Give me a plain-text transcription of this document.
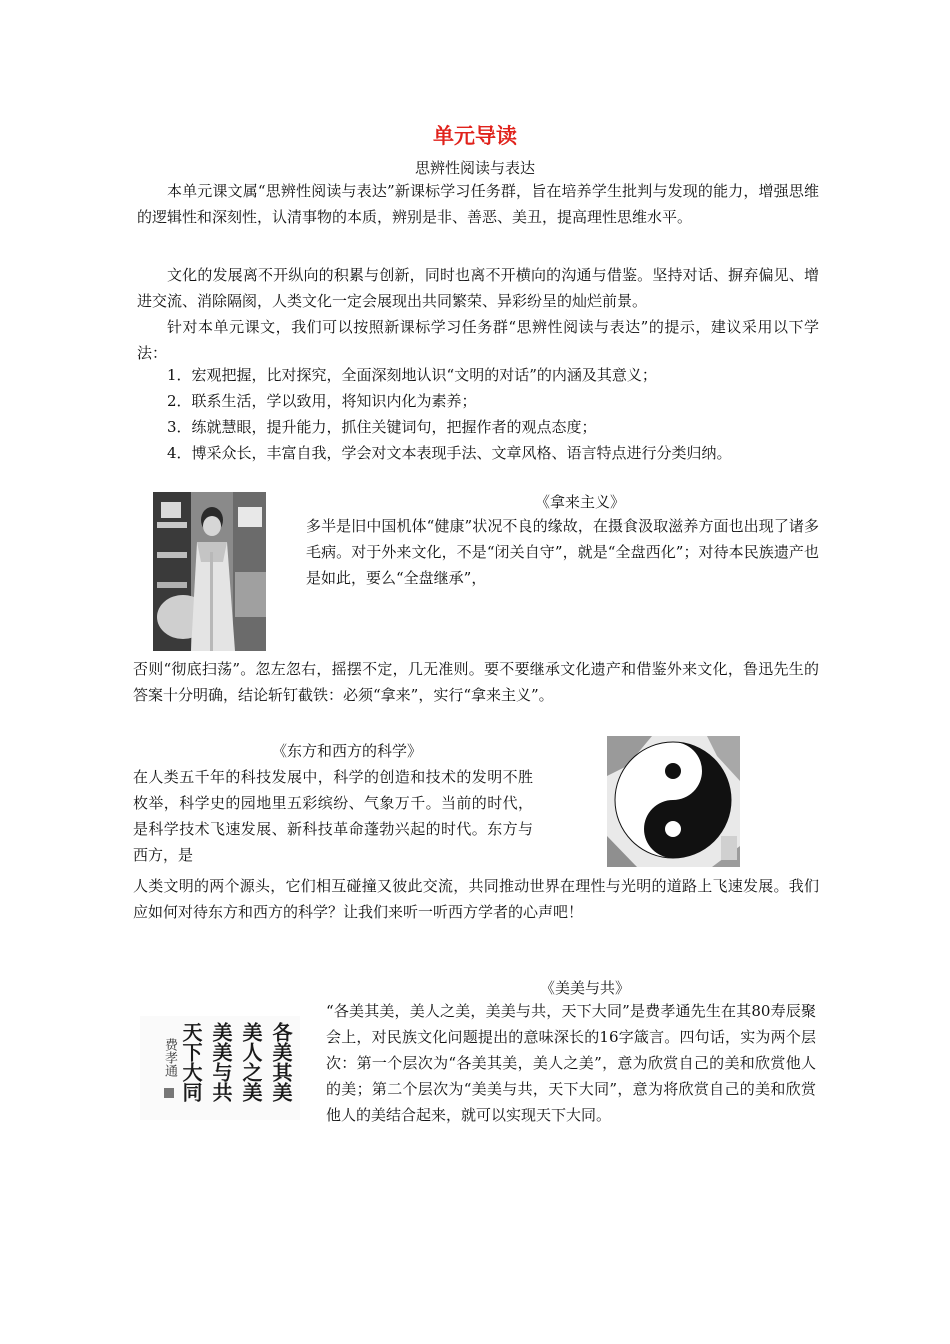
单元导读
思辨性阅读与表达

本单元课文属“思辨性阅读与表达”新课标学习任务群，旨在培养学生批判与发现的能力，增强思维的逻辑性和深刻性，认清事物的本质，辨别是非、善恶、美丑，提高理性思维水平。

文化的发展离不开纵向的积累与创新，同时也离不开横向的沟通与借鉴。坚持对话、摒弃偏见、增进交流、消除隔阂，人类文化一定会展现出共同繁荣、异彩纷呈的灿烂前景。

针对本单元课文，我们可以按照新课标学习任务群“思辨性阅读与表达”的提示，建议采用以下学法：

1．宏观把握，比对探究，全面深刻地认识“文明的对话”的内涵及其意义；
2．联系生活，学以致用，将知识内化为素养；
3．练就慧眼，提升能力，抓住关键词句，把握作者的观点态度；
4．博采众长，丰富自我，学会对文本表现手法、文章风格、语言特点进行分类归纳。
《拿来主义》

多半是旧中国机体“健康”状况不良的缘故，在摄食汲取滋养方面也出现了诸多毛病。对于外来文化，不是“闭关自守”，就是“全盘西化”；对待本民族遗产也是如此，要么“全盘继承”，

否则“彻底扫荡”。忽左忽右，摇摆不定，几无准则。要不要继承文化遗产和借鉴外来文化，鲁迅先生的答案十分明确，结论斩钉截铁：必须“拿来”，实行“拿来主义”。

《东方和西方的科学》

在人类五千年的科技发展中，科学的创造和技术的发明不胜枚举，科学史的园地里五彩缤纷、气象万千。当前的时代，是科学技术飞速发展、新科技革命蓬勃兴起的时代。东方与西方，是

人类文明的两个源头，它们相互碰撞又彼此交流，共同推动世界在理性与光明的道路上飞速发展。我们应如何对待东方和西方的科学？让我们来听一听西方学者的心声吧！

《美美与共》

“各美其美，美人之美，美美与共，天下大同”是费孝通先生在其80寿辰聚会上，对民族文化问题提出的意味深长的16字箴言。四句话，实为两个层次：第一个层次为“各美其美，美人之美”，意为欣赏自己的美和欣赏他人的美；第二个层次为“美美与共，天下大同”，意为将欣赏自己的美和欣赏他人的美结合起来，就可以实现天下大同。

各美其美
美人之美
美美与共
天下大同
费孝通
